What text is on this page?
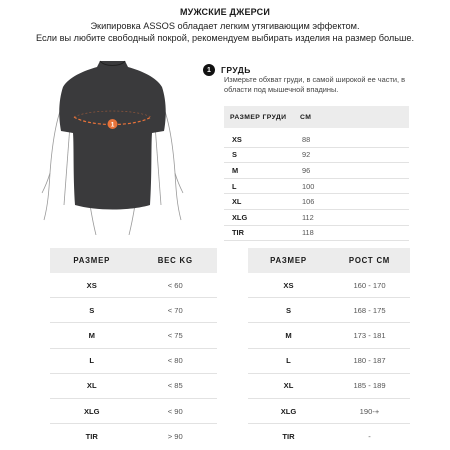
МУЖСКИЕ ДЖЕРСИ
Экипировка ASSOS обладает легким утягивающим эффектом.
Если вы любите свободный покрой, рекомендуем выбирать изделия на размер больше.
1
1	ГРУДЬ
Измерьте обхват груди, в самой широкой ее части, в области под мышечной впадины.
РАЗМЕР ГРУДИ	СМ
XS	88
S	92
M	96
L	100
XL	106
XLG	112
TIR	118
РАЗМЕР	ВЕС KG
XS	< 60
S	< 70
M	< 75
L	< 80
XL	< 85
XLG	< 90
TIR	> 90
РАЗМЕР	РОСТ СМ
XS	160 - 170
S	168 - 175
M	173 - 181
L	180 - 187
XL	185 - 189
XLG	190-+
TIR	-
